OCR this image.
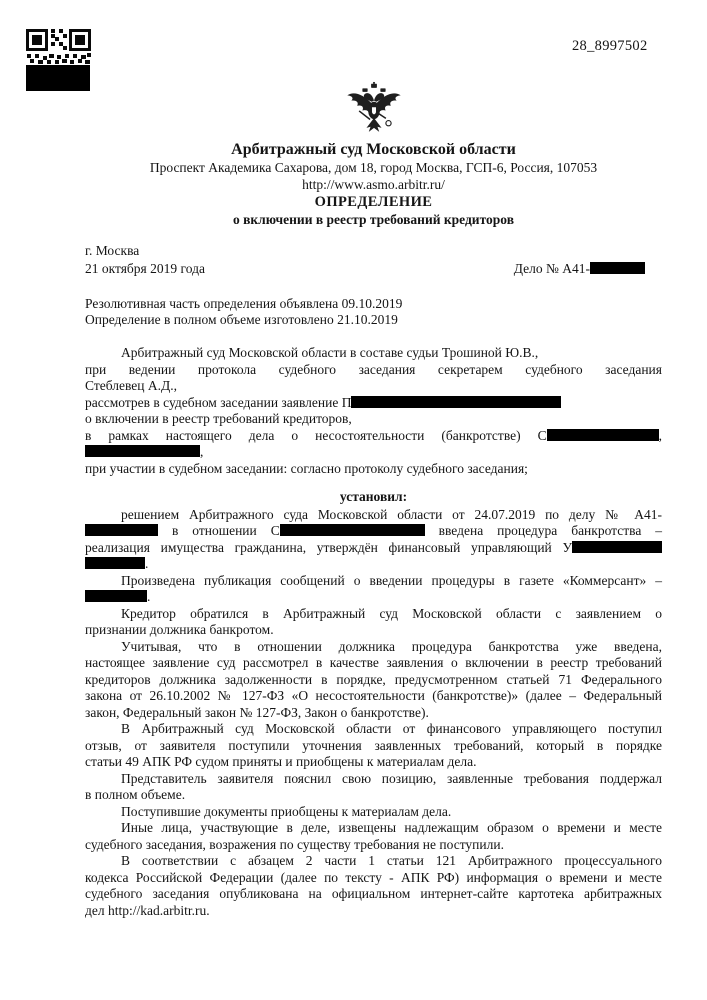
28_8997502
Арбитражный суд Московской области
Проспект Академика Сахарова, дом 18, город Москва, ГСП-6, Россия, 107053
http://www.asmo.arbitr.ru/
ОПРЕДЕЛЕНИЕ
о включении в реестр требований кредиторов
г. Москва
21 октября 2019 года	Дело № А41-
Резолютивная часть определения объявлена 09.10.2019
Определение в полном объеме изготовлено 21.10.2019
Арбитражный суд Московской области в составе судьи Трошиной Ю.В.,
при ведении протокола судебного заседания секретарем судебного заседания
Стеблевец А.Д.,
рассмотрев в судебном заседании заявление П
о включении в реестр требований кредиторов,
в рамках настоящего дела о несостоятельности (банкротстве) С	,
,
при участии в судебном заседании: согласно протоколу судебного заседания;
установил:
решением Арбитражного суда Московской области от 24.07.2019 по делу № А41-
в отношении С	введена процедура банкротства –
реализация имущества гражданина, утверждён финансовый управляющий У
.
Произведена публикация сообщений о введении процедуры в газете «Коммерсант» –
.
Кредитор обратился в Арбитражный суд Московской области с заявлением о
признании должника банкротом.
Учитывая, что в отношении должника процедура банкротства уже введена,
настоящее заявление суд рассмотрел в качестве заявления о включении в реестр требований
кредиторов должника задолженности в порядке, предусмотренном статьей 71 Федерального
закона от 26.10.2002 № 127-ФЗ «О несостоятельности (банкротстве)» (далее – Федеральный
закон, Федеральный закон № 127-ФЗ, Закон о банкротстве).
В Арбитражный суд Московской области от финансового управляющего поступил
отзыв, от заявителя поступили уточнения заявленных требований, который в порядке
статьи 49 АПК РФ судом приняты и приобщены к материалам дела.
Представитель заявителя пояснил свою позицию, заявленные требования поддержал
в полном объеме.
Поступившие документы приобщены к материалам дела.
Иные лица, участвующие в деле, извещены надлежащим образом о времени и месте
судебного заседания, возражения по существу требования не поступили.
В соответствии с абзацем 2 части 1 статьи 121 Арбитражного процессуального
кодекса Российской Федерации (далее по тексту - АПК РФ) информация о времени и месте
судебного заседания опубликована на официальном интернет-сайте картотека арбитражных
дел http://kad.arbitr.ru.
